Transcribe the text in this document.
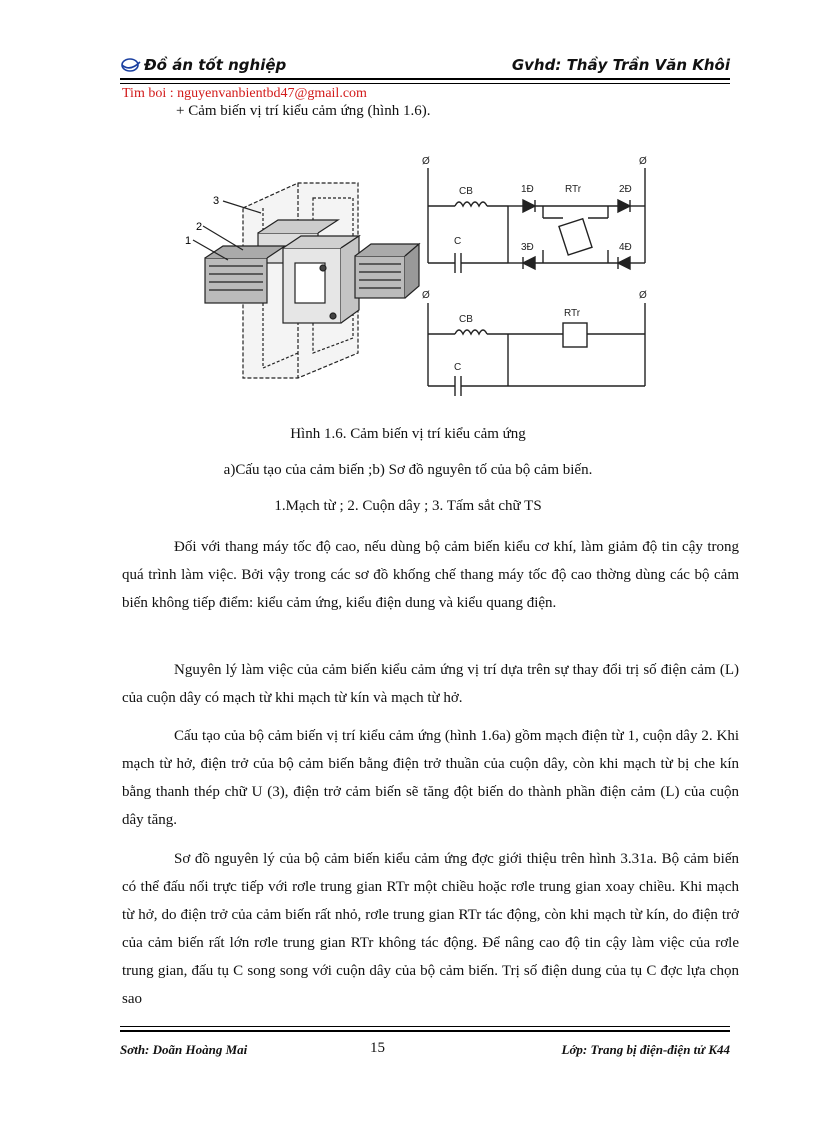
Đồ án tốt nghiệp	Gvhd: Thầy Trần Văn Khôi
Tim boi : nguyenvanbientbd47@gmail.com
+ Cảm biến vị trí kiểu cảm ứng (hình 1.6).
3
2
1
Ø	Ø
CB
C
1Đ	2Đ
3Đ	4Đ
RTr
Ø	Ø
CB
C
RTr
Hình 1.6. Cảm biến vị trí kiểu cảm ứng
a)Cấu tạo của cảm biến ;b) Sơ đồ nguyên tố của bộ cảm biến.
1.Mạch từ ; 2. Cuộn dây ; 3. Tấm sắt chữ TS

Đối với thang máy tốc độ cao, nếu dùng bộ cảm biến kiểu cơ khí, làm giảm độ tin cậy trong quá trình làm việc. Bởi vậy trong các sơ đồ khống chế thang máy tốc độ cao thờng dùng các bộ cảm biến không tiếp điểm: kiểu cảm ứng, kiểu điện dung và kiểu quang điện.

Nguyên lý làm việc của cảm biến kiểu cảm ứng vị trí dựa trên sự thay đổi trị số điện cảm (L) của cuộn dây có mạch từ khi mạch từ kín và mạch từ hở.

Cấu tạo của bộ cảm biến vị trí kiểu cảm ứng (hình 1.6a) gồm mạch điện từ 1, cuộn dây 2. Khi mạch từ hở, điện trở của bộ cảm biến bằng điện trở thuần của cuộn dây, còn khi mạch từ bị che kín bằng thanh thép chữ U (3), điện trở cảm biến sẽ tăng đột biến do thành phần điện cảm (L) của cuộn dây tăng.

Sơ đồ nguyên lý của bộ cảm biến kiểu cảm ứng đợc giới thiệu trên hình 3.31a. Bộ cảm biến có thể đấu nối trực tiếp với rơle trung gian RTr một chiều hoặc rơle trung gian xoay chiều. Khi mạch từ hở, do điện trở của cảm biến rất nhỏ, rơle trung gian RTr tác động, còn khi mạch từ kín, do điện trở của cảm biến rất lớn rơle trung gian RTr không tác động. Để nâng cao độ tin cậy làm việc của rơle trung gian, đấu tụ C song song với cuộn dây của bộ cảm biến. Trị số điện dung của tụ C đợc lựa chọn sao

Sơth: Doãn Hoàng Mai	15	Lớp: Trang bị điện-điện tử K44
